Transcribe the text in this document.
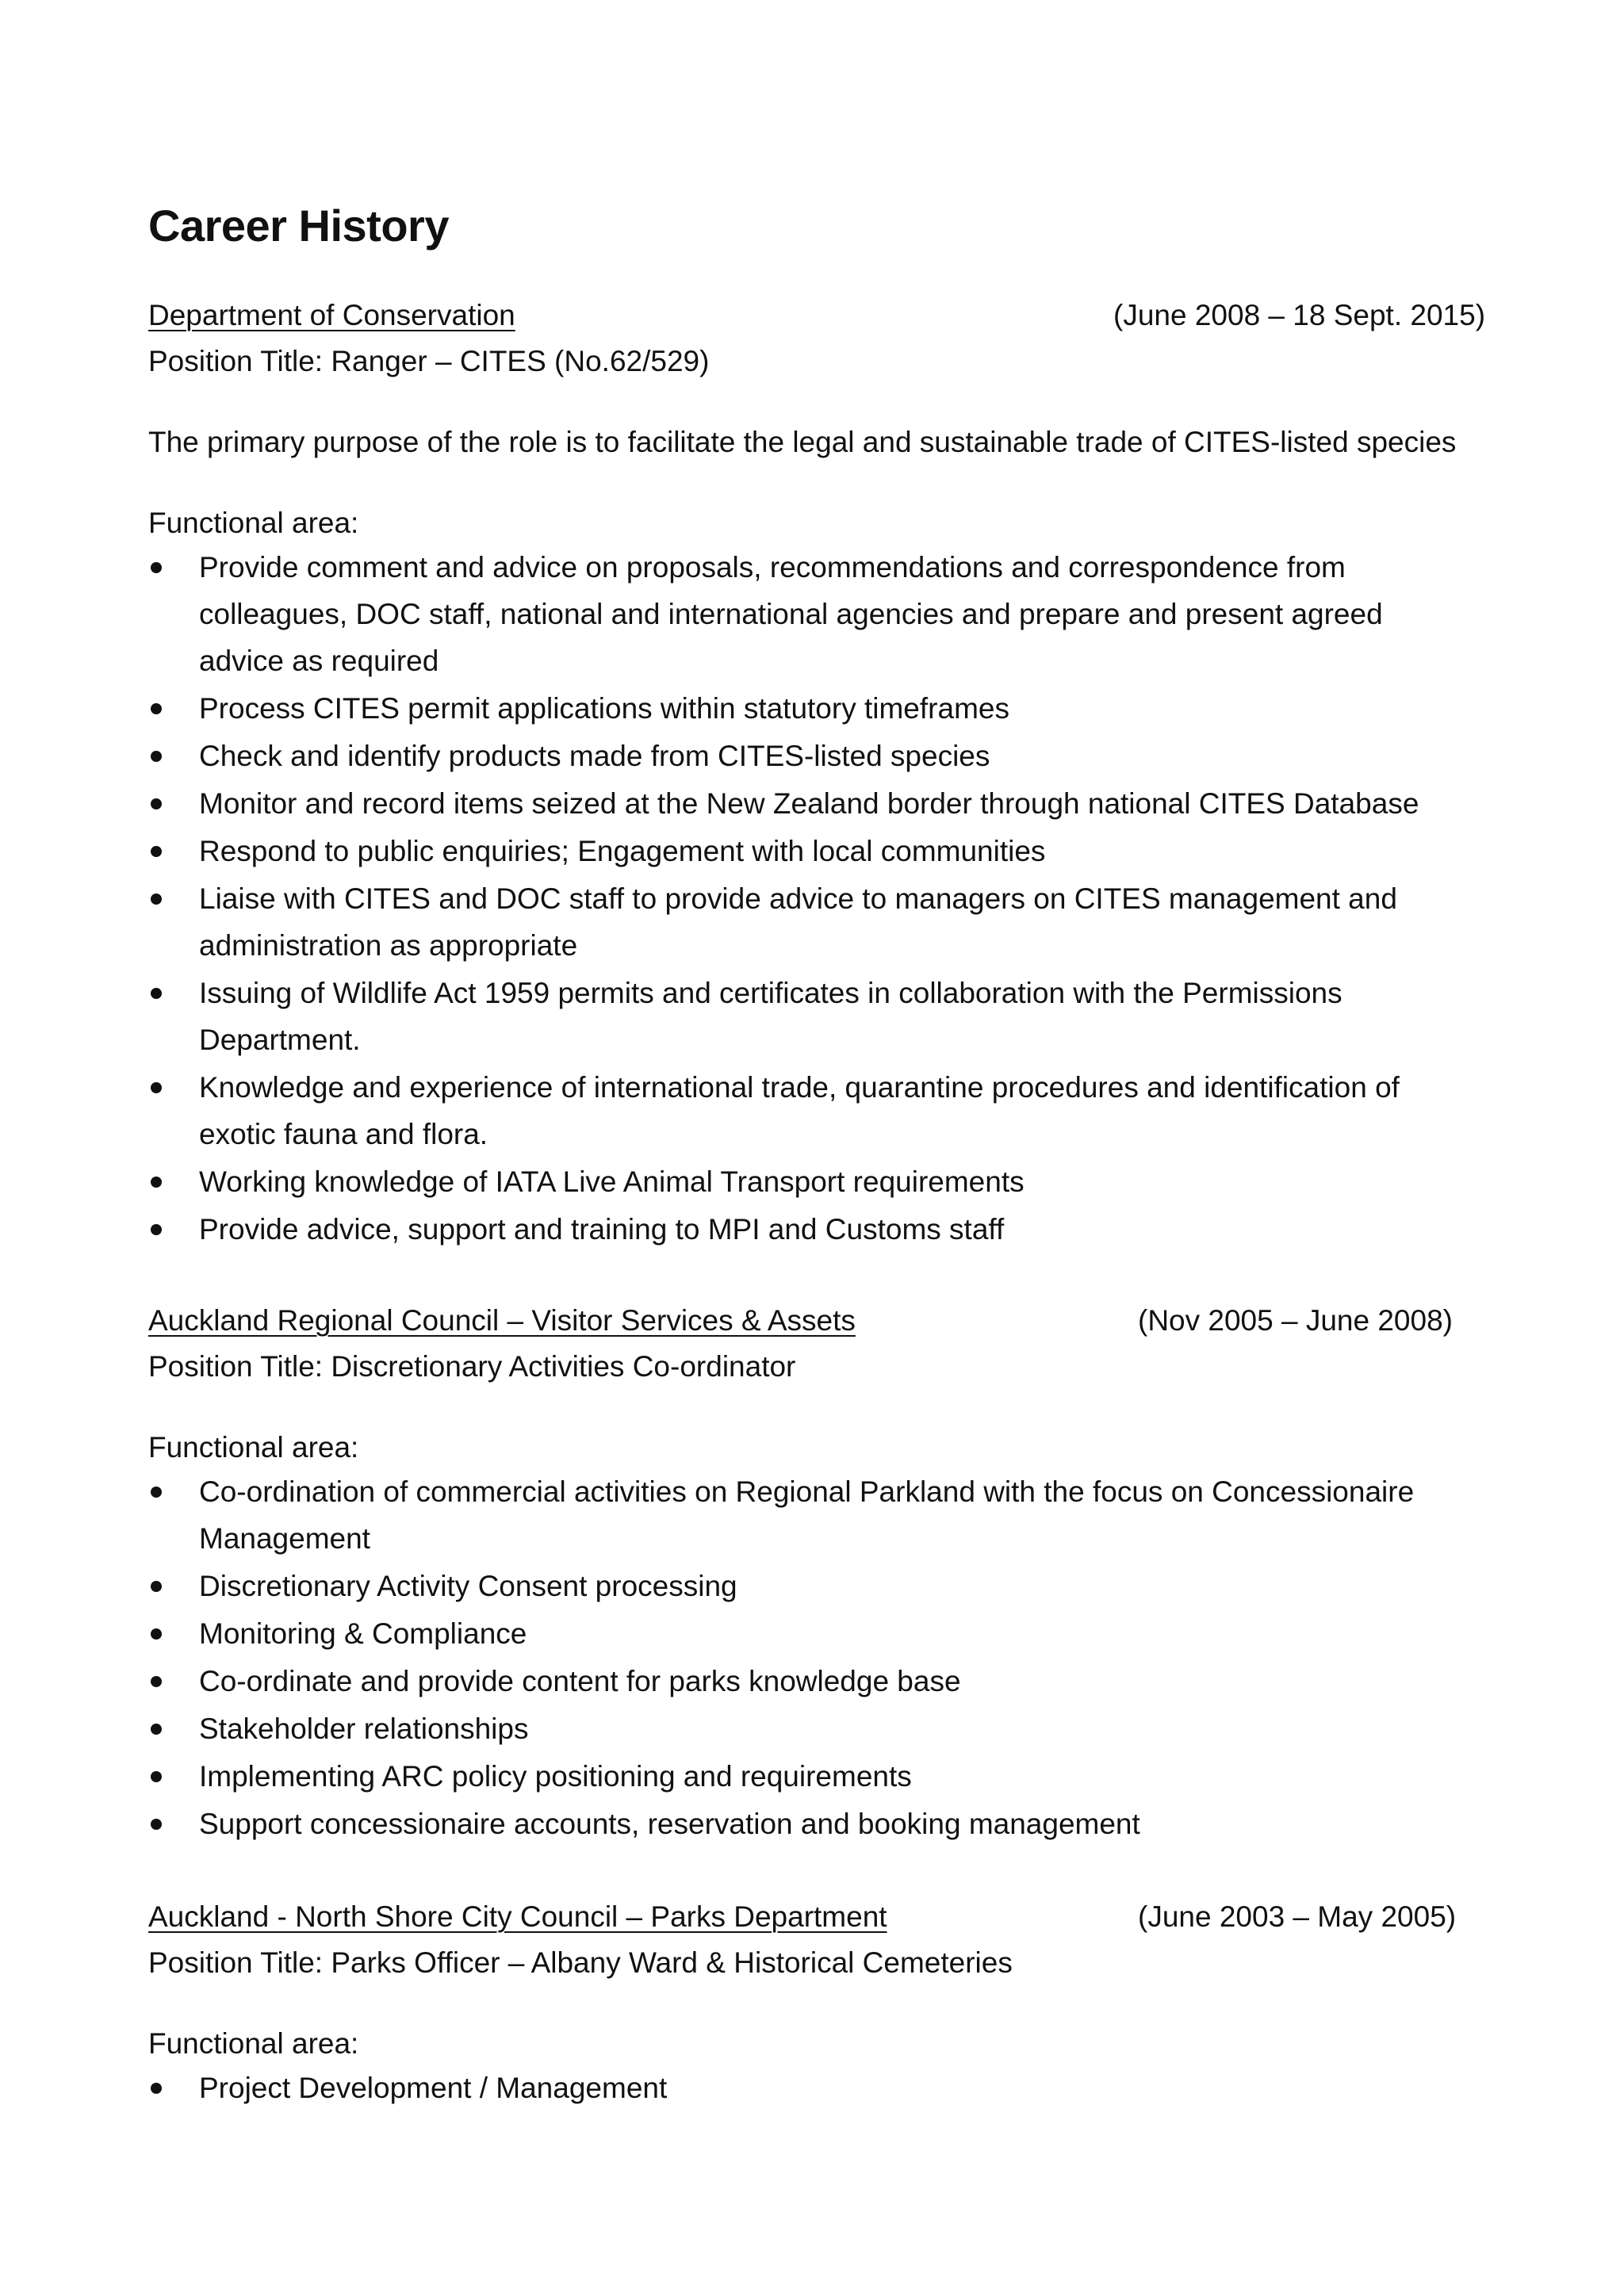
Career History
Department of Conservation	(June 2008 – 18 Sept. 2015)
Position Title: Ranger – CITES (No.62/529)
The primary purpose of the role is to facilitate the legal and sustainable trade of CITES-listed species
Functional area:
Provide comment and advice on proposals, recommendations and correspondence from colleagues, DOC staff, national and international agencies and prepare and present agreed advice as required
Process CITES permit applications within statutory timeframes
Check and identify products made from CITES-listed species
Monitor and record items seized at the New Zealand border through national CITES Database
Respond to public enquiries; Engagement with local communities
Liaise with CITES and DOC staff to provide advice to managers on CITES management and administration as appropriate
Issuing of Wildlife Act 1959 permits and certificates in collaboration with the Permissions Department.
Knowledge and experience of international trade, quarantine procedures and identification of exotic fauna and flora.
Working knowledge of IATA Live Animal Transport requirements
Provide advice, support and training to MPI and Customs staff
Auckland Regional Council – Visitor Services & Assets	(Nov 2005 – June 2008)
Position Title: Discretionary Activities Co-ordinator
Functional area:
Co-ordination of commercial activities on Regional Parkland with the focus on Concessionaire Management
Discretionary Activity Consent processing
Monitoring & Compliance
Co-ordinate and provide content for parks knowledge base
Stakeholder relationships
Implementing ARC policy positioning and requirements
Support concessionaire accounts, reservation and booking management
Auckland - North Shore City Council – Parks Department	(June 2003 – May 2005)
Position Title: Parks Officer – Albany Ward & Historical Cemeteries
Functional area:
Project Development / Management
